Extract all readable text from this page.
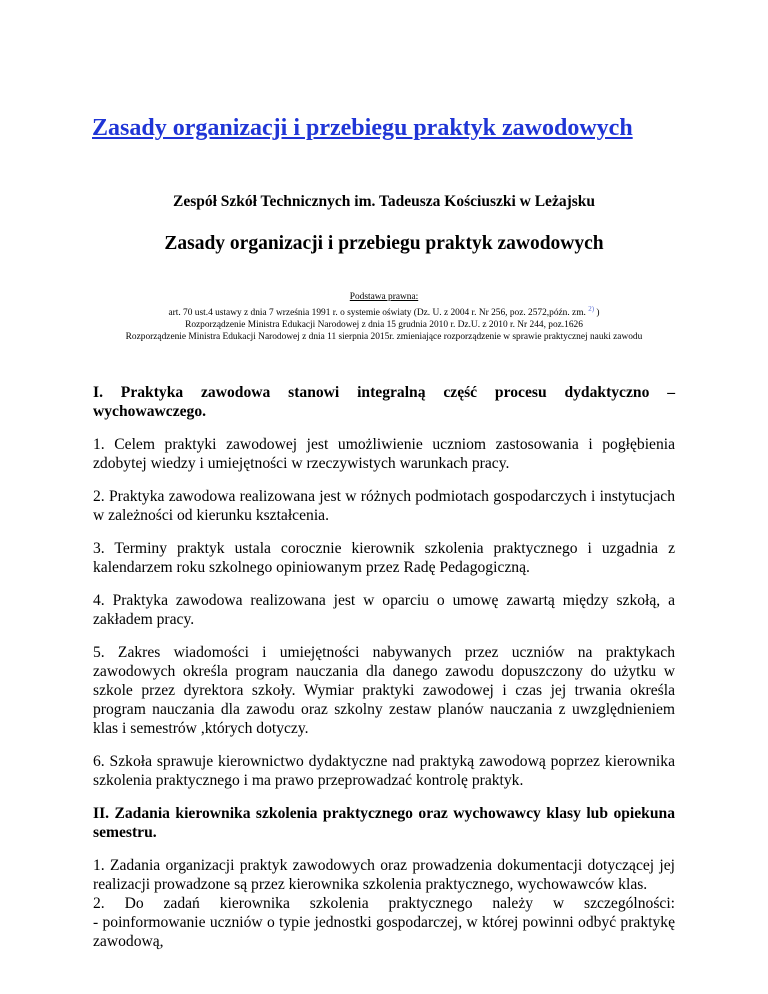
Zasady organizacji i przebiegu praktyk zawodowych

Zespół Szkół Technicznych im. Tadeusza Kościuszki w Leżajsku

Zasady organizacji i przebiegu praktyk zawodowych

Podstawa prawna:
art. 70 ust.4 ustawy z dnia 7 września 1991 r. o systemie oświaty (Dz. U. z 2004 r. Nr 256, poz. 2572,późn. zm. $^{2)}$ )
Rozporządzenie Ministra Edukacji Narodowej z dnia 15 grudnia 2010 r. Dz.U. z 2010 r. Nr 244, poz.1626
Rozporządzenie Ministra Edukacji Narodowej z dnia 11 sierpnia 2015r. zmieniające rozporządzenie w sprawie praktycznej nauki zawodu

I. Praktyka zawodowa stanowi integralną część procesu dydaktyczno – wychowawczego.

1. Celem praktyki zawodowej jest umożliwienie uczniom zastosowania i pogłębienia zdobytej wiedzy i umiejętności w rzeczywistych warunkach pracy.

2. Praktyka zawodowa realizowana jest w różnych podmiotach gospodarczych i instytucjach w zależności od kierunku kształcenia.

3. Terminy praktyk ustala corocznie kierownik szkolenia praktycznego i uzgadnia z kalendarzem roku szkolnego opiniowanym przez Radę Pedagogiczną.

4. Praktyka zawodowa realizowana jest w oparciu o umowę zawartą między szkołą, a zakładem pracy.

5. Zakres wiadomości i umiejętności nabywanych przez uczniów na praktykach zawodowych określa program nauczania dla danego zawodu dopuszczony do użytku w szkole przez dyrektora szkoły. Wymiar praktyki zawodowej i czas jej trwania określa program nauczania dla zawodu oraz szkolny zestaw planów nauczania z uwzględnieniem klas i semestrów ,których dotyczy.

6. Szkoła sprawuje kierownictwo dydaktyczne nad praktyką zawodową poprzez kierownika szkolenia praktycznego i ma prawo przeprowadzać kontrolę praktyk.

II. Zadania kierownika szkolenia praktycznego oraz wychowawcy klasy lub opiekuna semestru.

1. Zadania organizacji praktyk zawodowych oraz prowadzenia dokumentacji dotyczącej jej realizacji prowadzone są przez kierownika szkolenia praktycznego, wychowawców klas.
2. Do zadań kierownika szkolenia praktycznego należy w szczególności:
- poinformowanie uczniów o typie jednostki gospodarczej, w której powinni odbyć praktykę zawodową,
